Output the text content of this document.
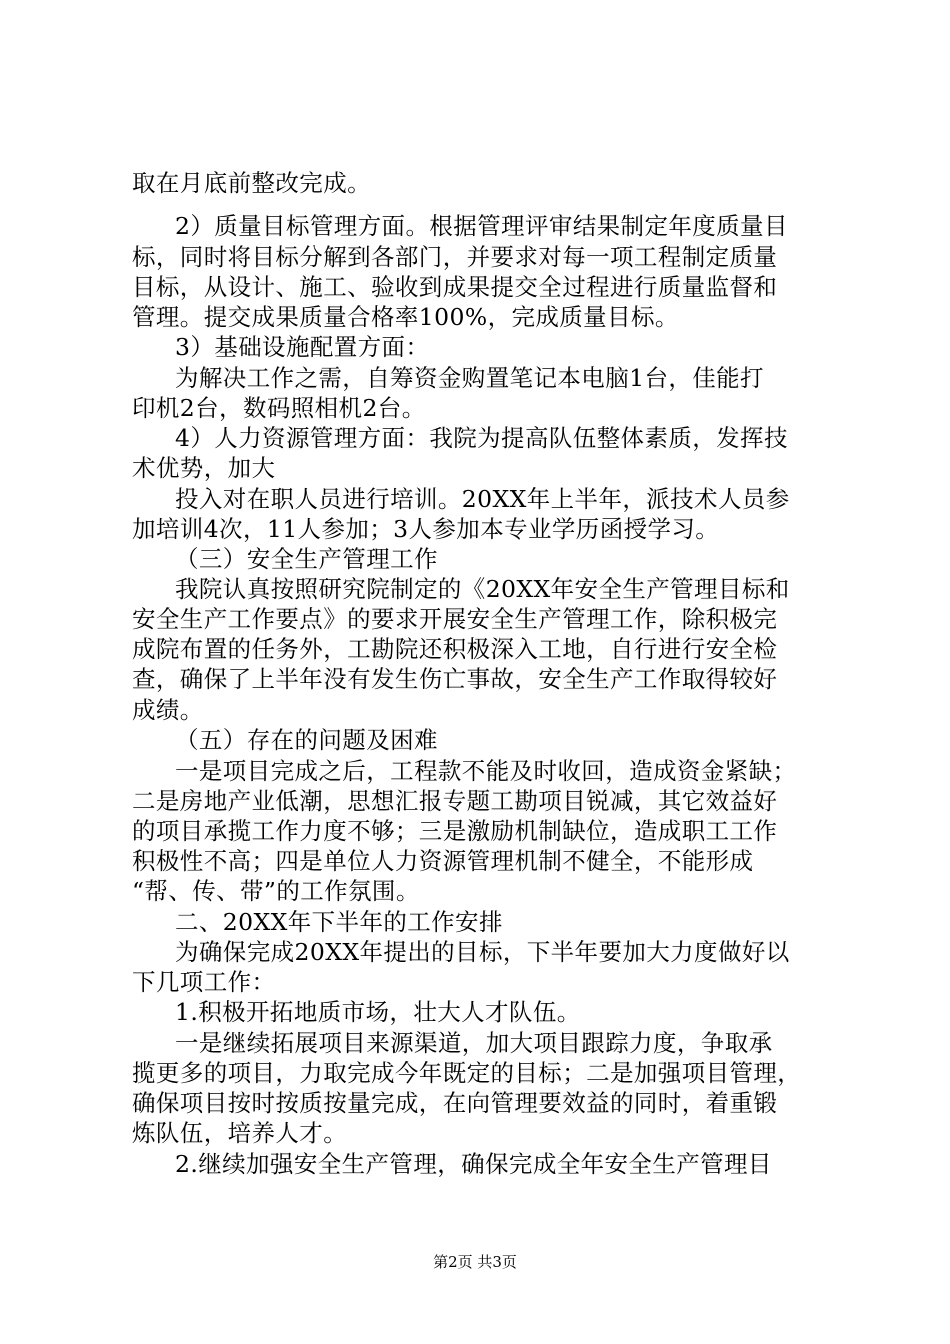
取在月底前整改完成。
2）质量目标管理方面。根据管理评审结果制定年度质量目
标，同时将目标分解到各部门，并要求对每一项工程制定质量
目标，从设计、施工、验收到成果提交全过程进行质量监督和
管理。提交成果质量合格率100%，完成质量目标。
3）基础设施配置方面：
为解决工作之需，自筹资金购置笔记本电脑1台，佳能打
印机2台，数码照相机2台。
4）人力资源管理方面：我院为提高队伍整体素质，发挥技
术优势，加大
投入对在职人员进行培训。20XX年上半年，派技术人员参
加培训4次，11人参加；3人参加本专业学历函授学习。
（三）安全生产管理工作
我院认真按照研究院制定的《20XX年安全生产管理目标和
安全生产工作要点》的要求开展安全生产管理工作，除积极完
成院布置的任务外，工勘院还积极深入工地，自行进行安全检
查，确保了上半年没有发生伤亡事故，安全生产工作取得较好
成绩。
（五）存在的问题及困难
一是项目完成之后，工程款不能及时收回，造成资金紧缺；
二是房地产业低潮，思想汇报专题工勘项目锐减，其它效益好
的项目承揽工作力度不够；三是激励机制缺位，造成职工工作
积极性不高；四是单位人力资源管理机制不健全，不能形成
“帮、传、带”的工作氛围。
二、20XX年下半年的工作安排
为确保完成20XX年提出的目标，下半年要加大力度做好以
下几项工作：
1.积极开拓地质市场，壮大人才队伍。
一是继续拓展项目来源渠道，加大项目跟踪力度，争取承
揽更多的项目，力取完成今年既定的目标；二是加强项目管理，
确保项目按时按质按量完成，在向管理要效益的同时，着重锻
炼队伍，培养人才。
2.继续加强安全生产管理，确保完成全年安全生产管理目
第2页 共3页
